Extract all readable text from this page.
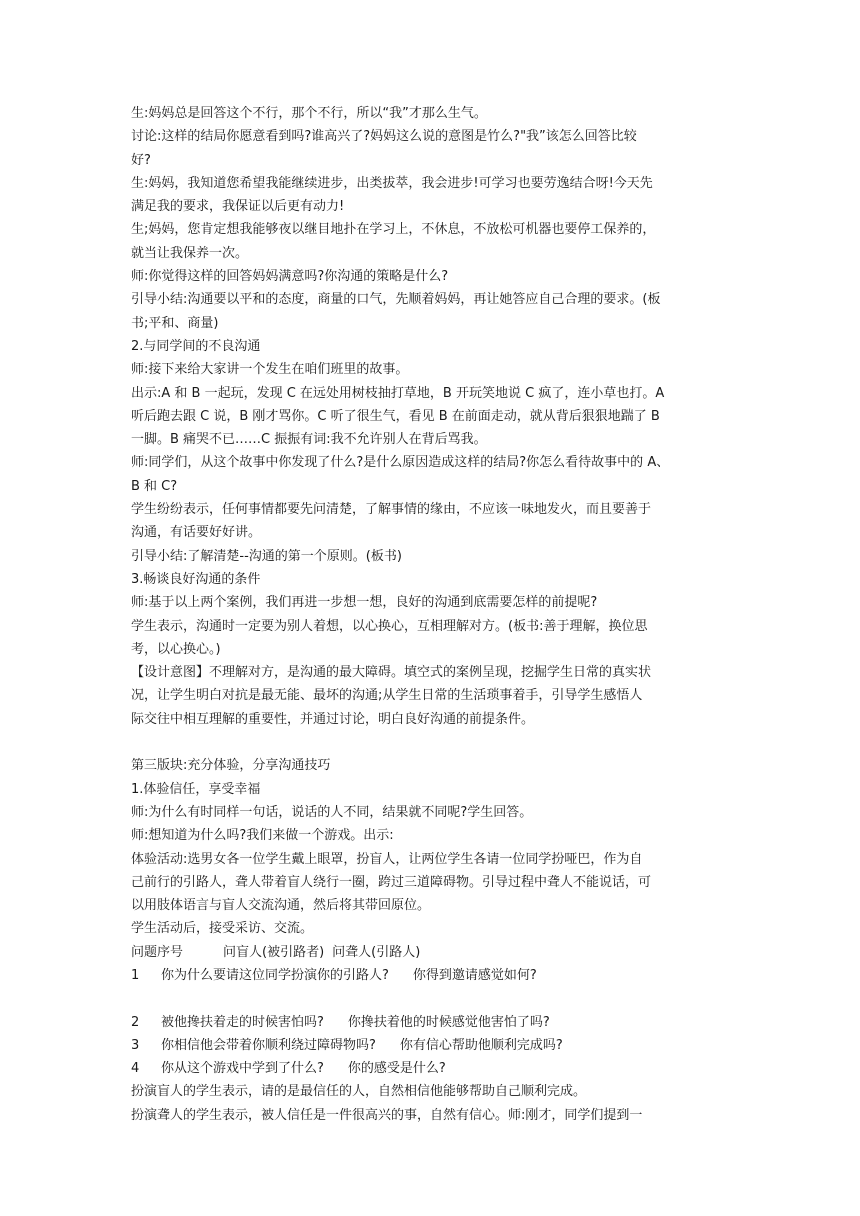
生:妈妈总是回答这个不行，那个不行，所以“我”才那么生气。
讨论:这样的结局你愿意看到吗?谁高兴了?妈妈这么说的意图是竹么?"我”该怎么回答比较
好?
生:妈妈，我知道您希望我能继续进步，出类拔萃，我会进步!可学习也要劳逸结合呀!今天先
满足我的要求，我保证以后更有动力!
生;妈妈，您肯定想我能够夜以继目地扑在学习上，不休息，不放松可机器也要停工保养的，
就当让我保养一次。
师:你觉得这样的回答妈妈满意吗?你沟通的策略是什么?
引导小结:沟通要以平和的态度，商量的口气，先顺着妈妈，再让她答应自己合理的要求。(板
书;平和、商量)
2.与同学间的不良沟通
师:接下来给大家讲一个发生在咱们班里的故事。
出示:A 和 B 一起玩，发现 C 在远处用树枝抽打草地，B 开玩笑地说 C 疯了，连小草也打。A
听后跑去跟 C 说，B 刚才骂你。C 听了很生气，看见 B 在前面走动，就从背后狠狠地踹了 B
一脚。B 痛哭不已……C 振振有词:我不允许别人在背后骂我。
师:同学们，从这个故事中你发现了什么?是什么原因造成这样的结局?你怎么看待故事中的 A、
B 和 C?
学生纷纷表示，任何事情都要先问清楚，了解事情的缘由，不应该一味地发火，而且要善于
沟通，有话要好好讲。
引导小结:了解清楚--沟通的第一个原则。(板书)
3.畅谈良好沟通的条件
师:基于以上两个案例，我们再进一步想一想，良好的沟通到底需要怎样的前提呢?
学生表示，沟通时一定要为别人着想，以心换心，互相理解对方。(板书:善于理解，换位思
考，以心换心。)
【设计意图】不理解对方，是沟通的最大障碍。填空式的案例呈现，挖掘学生日常的真实状
况，让学生明白对抗是最无能、最坏的沟通;从学生日常的生活琐事着手，引导学生感悟人
际交往中相互理解的重要性，并通过讨论，明白良好沟通的前提条件。
第三版块:充分体验，分享沟通技巧
1.体验信任，享受幸福
师:为什么有时同样一句话，说话的人不同，结果就不同呢?学生回答。
师:想知道为什么吗?我们来做一个游戏。出示:
体验活动:选男女各一位学生戴上眼罩，扮盲人，让两位学生各请一位同学扮哑巴，作为自
己前行的引路人，聋人带着盲人绕行一圈，跨过三道障碍物。引导过程中聋人不能说话，可
以用肢体语言与盲人交流沟通，然后将其带回原位。
学生活动后，接受采访、交流。
问题序号	问盲人(被引路者) 问聋人(引路人)
1	你为什么要请这位同学扮演你的引路人? 你得到邀请感觉如何?
2	被他搀扶着走的时候害怕吗? 你搀扶着他的时候感觉他害怕了吗?
3	你相信他会带着你顺利绕过障碍物吗? 你有信心帮助他顺利完成吗?
4	你从这个游戏中学到了什么? 你的感受是什么?
扮演盲人的学生表示，请的是最信任的人，自然相信他能够帮助自己顺利完成。
扮演聋人的学生表示，被人信任是一件很高兴的事，自然有信心。师:刚才，同学们提到一
